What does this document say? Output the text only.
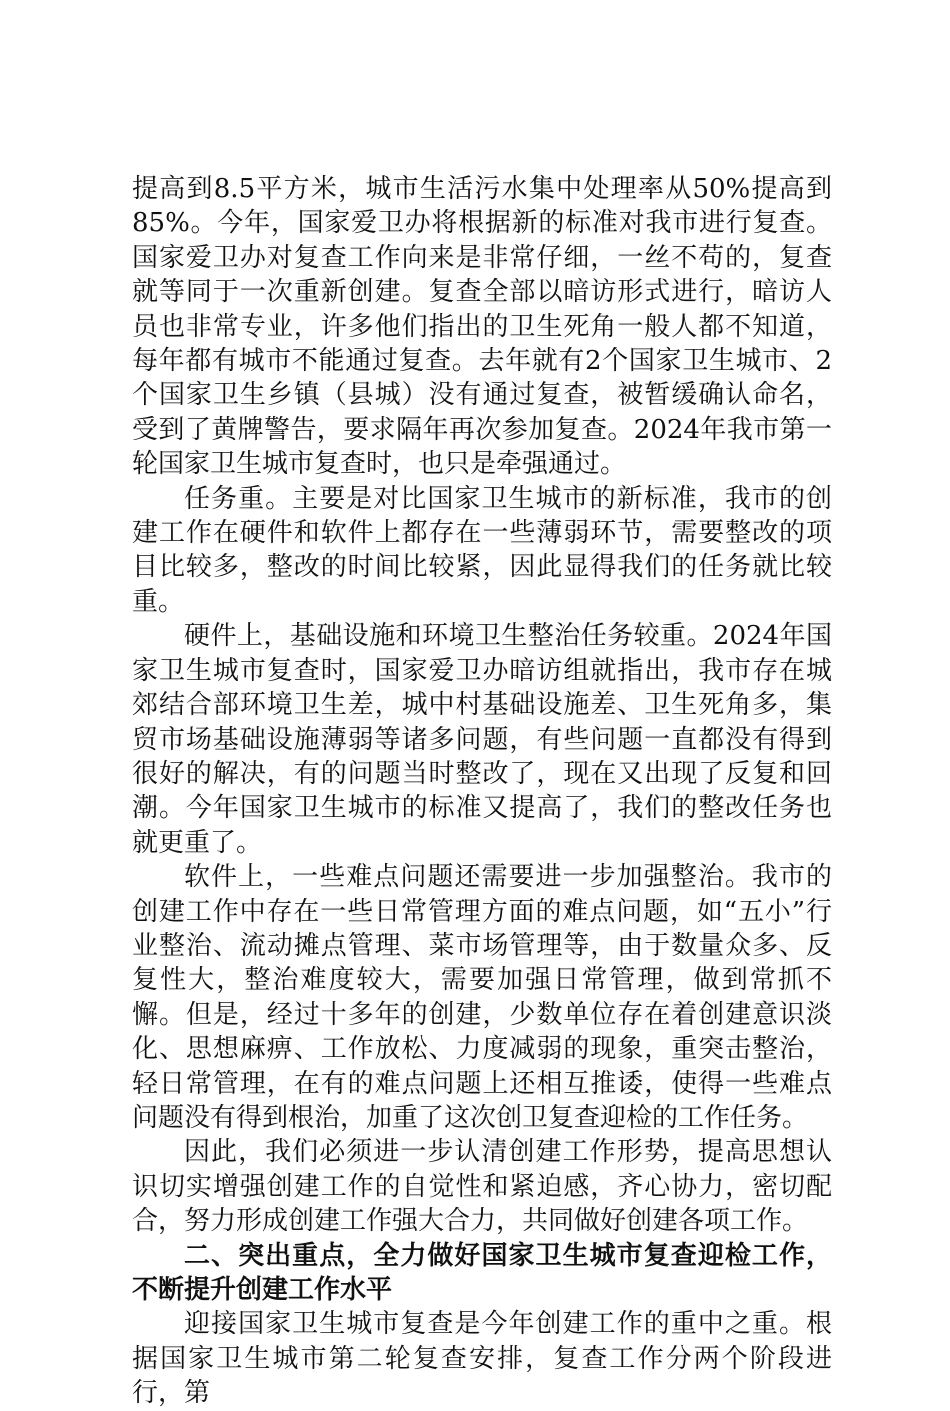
提高到8.5平方米，城市生活污水集中处理率从50%提高到85%。今年，国家爱卫办将根据新的标准对我市进行复查。国家爱卫办对复查工作向来是非常仔细，一丝不苟的，复查就等同于一次重新创建。复查全部以暗访形式进行，暗访人员也非常专业，许多他们指出的卫生死角一般人都不知道，每年都有城市不能通过复查。去年就有2个国家卫生城市、2个国家卫生乡镇（县城）没有通过复查，被暂缓确认命名，受到了黄牌警告，要求隔年再次参加复查。2024年我市第一轮国家卫生城市复查时，也只是牵强通过。

任务重。主要是对比国家卫生城市的新标准，我市的创建工作在硬件和软件上都存在一些薄弱环节，需要整改的项目比较多，整改的时间比较紧，因此显得我们的任务就比较重。

硬件上，基础设施和环境卫生整治任务较重。2024年国家卫生城市复查时，国家爱卫办暗访组就指出，我市存在城郊结合部环境卫生差，城中村基础设施差、卫生死角多，集贸市场基础设施薄弱等诸多问题，有些问题一直都没有得到很好的解决，有的问题当时整改了，现在又出现了反复和回潮。今年国家卫生城市的标准又提高了，我们的整改任务也就更重了。

软件上，一些难点问题还需要进一步加强整治。我市的创建工作中存在一些日常管理方面的难点问题，如“五小”行业整治、流动摊点管理、菜市场管理等，由于数量众多、反复性大，整治难度较大，需要加强日常管理，做到常抓不懈。但是，经过十多年的创建，少数单位存在着创建意识淡化、思想麻痹、工作放松、力度减弱的现象，重突击整治，轻日常管理，在有的难点问题上还相互推诿，使得一些难点问题没有得到根治，加重了这次创卫复查迎检的工作任务。

因此，我们必须进一步认清创建工作形势，提高思想认识切实增强创建工作的自觉性和紧迫感，齐心协力，密切配合，努力形成创建工作强大合力，共同做好创建各项工作。

二、突出重点，全力做好国家卫生城市复查迎检工作，不断提升创建工作水平

迎接国家卫生城市复查是今年创建工作的重中之重。根据国家卫生城市第二轮复查安排，复查工作分两个阶段进行，第
